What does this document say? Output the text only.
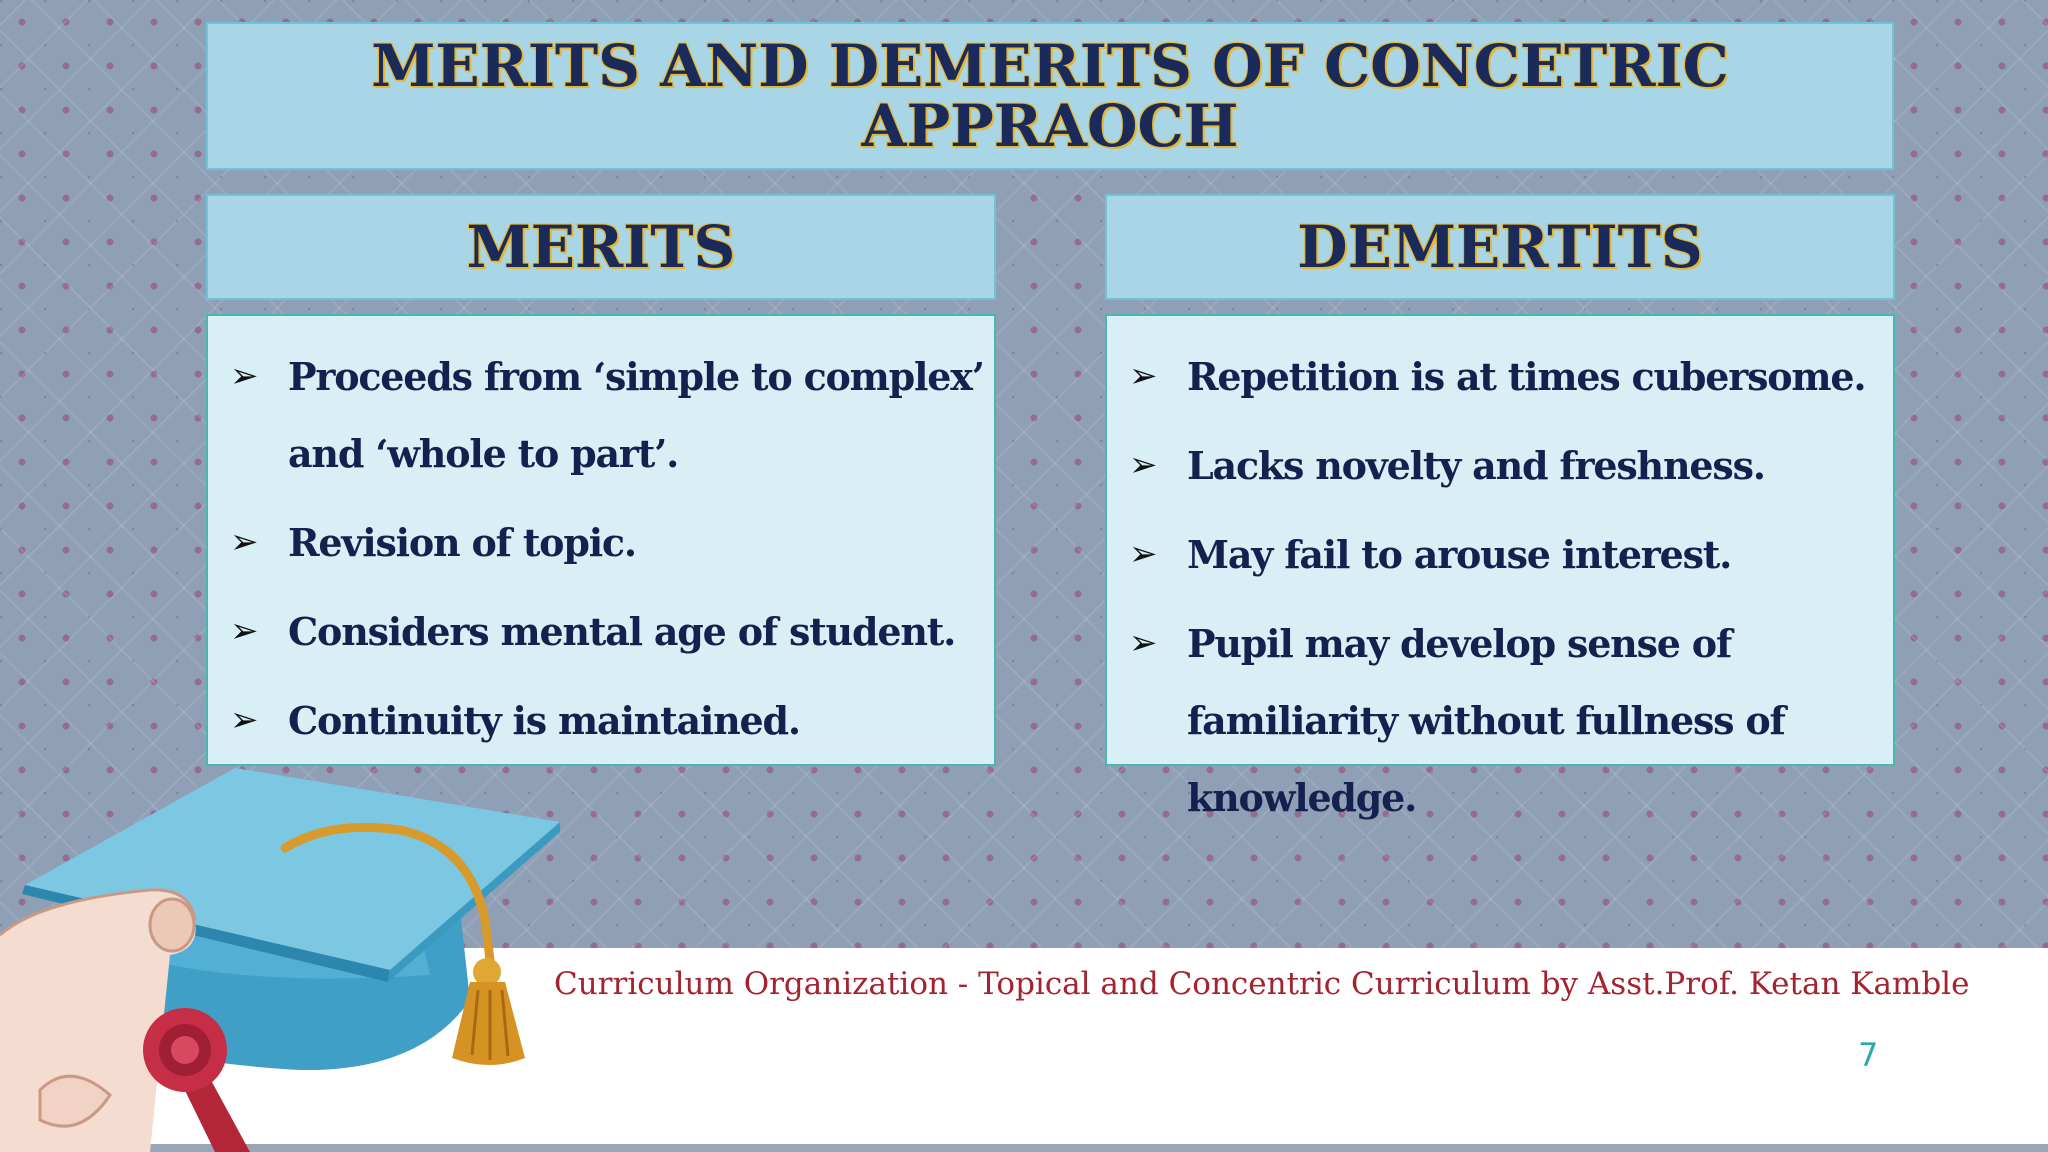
MERITS AND DEMERITS OF CONCETRIC APPRAOCH
MERITS	DEMERTITS
➢ Proceeds from ‘simple to complex’ and ‘whole to part’.
➢ Revision of topic.
➢ Considers mental age of student.
➢ Continuity is maintained.
➢ Repetition is at times cubersome.
➢ Lacks novelty and freshness.
➢ May fail to arouse interest.
➢ Pupil may develop sense of familiarity without fullness of knowledge.
Curriculum Organization - Topical and Concentric Curriculum by Asst.Prof. Ketan Kamble
7
